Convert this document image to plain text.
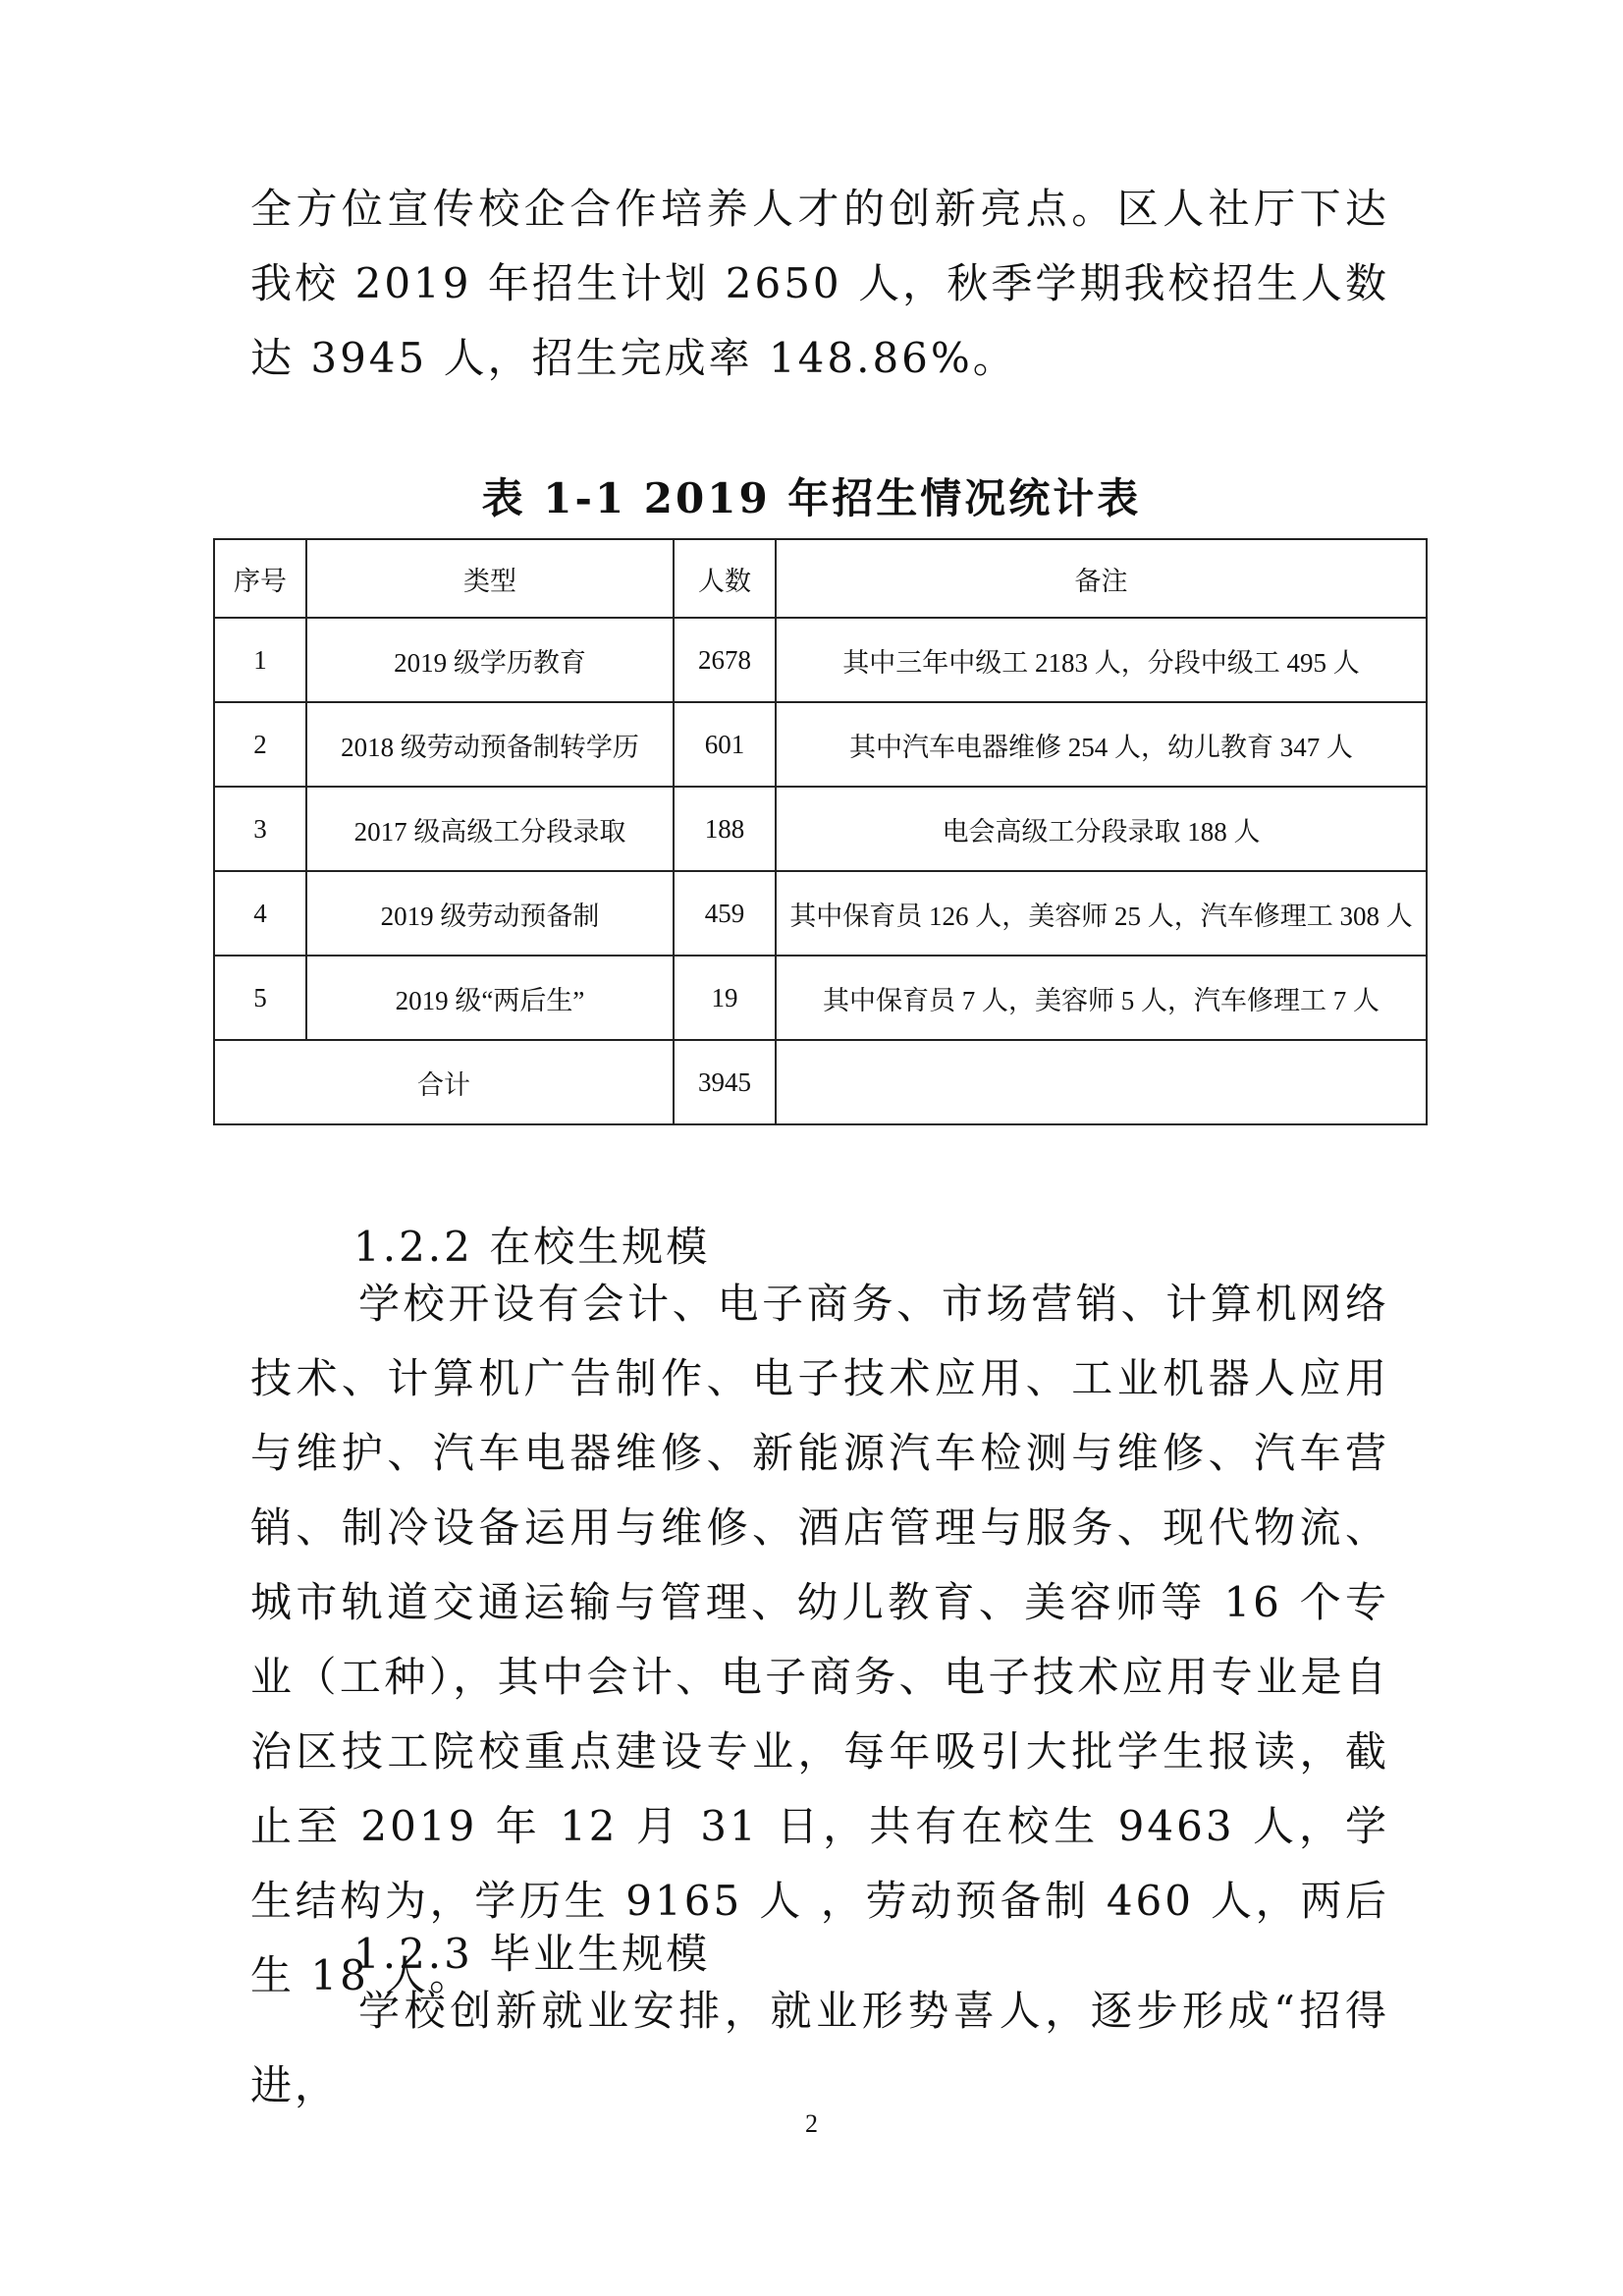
全方位宣传校企合作培养人才的创新亮点。区人社厅下达我校 2019 年招生计划 2650 人，秋季学期我校招生人数达 3945 人，招生完成率 148.86%。

表 1-1 2019 年招生情况统计表

序号	类型	人数	备注
1	2019 级学历教育	2678	其中三年中级工 2183 人，分段中级工 495 人
2	2018 级劳动预备制转学历	601	其中汽车电器维修 254 人，幼儿教育 347 人
3	2017 级高级工分段录取	188	电会高级工分段录取 188 人
4	2019 级劳动预备制	459	其中保育员 126 人，美容师 25 人，汽车修理工 308 人
5	2019 级“两后生”	19	其中保育员 7 人，美容师 5 人，汽车修理工 7 人
合计		3945	

1.2.2 在校生规模

学校开设有会计、电子商务、市场营销、计算机网络技术、计算机广告制作、电子技术应用、工业机器人应用与维护、汽车电器维修、新能源汽车检测与维修、汽车营销、制冷设备运用与维修、酒店管理与服务、现代物流、城市轨道交通运输与管理、幼儿教育、美容师等 16 个专业（工种），其中会计、电子商务、电子技术应用专业是自治区技工院校重点建设专业，每年吸引大批学生报读，截止至 2019 年 12 月 31 日，共有在校生 9463 人，学生结构为，学历生 9165 人 ，劳动预备制 460 人，两后生 18 人。

1.2.3 毕业生规模

学校创新就业安排，就业形势喜人，逐步形成“招得进，

2
